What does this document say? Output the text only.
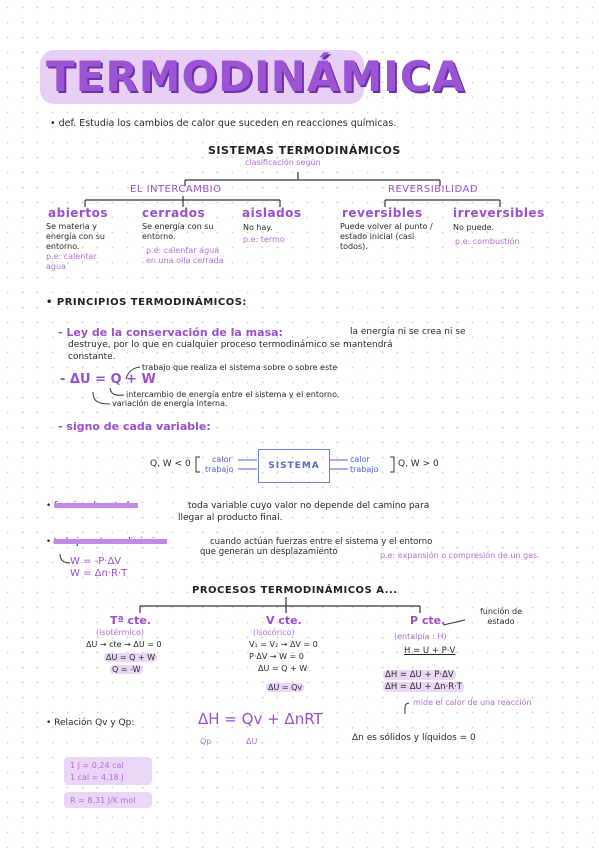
TERMODINÁMICA
• def. Estudia los cambios de calor que suceden en reacciones químicas.
SISTEMAS TERMODINÁMICOS
clasificación según
EL INTERCAMBIO	REVERSIBILIDAD
abiertos
Se materia y energía con su entorno.
p.e: calentar agua
cerrados
Se energía con su entorno.
p.e: calentar agua en una olla cerrada
aislados
No hay.
p.e: termo
reversibles
Puede volver al punto / estado inicial (casi todos).
irreversibles
No puede.
p.e: combustión
• PRINCIPIOS TERMODINÁMICOS:
- Ley de la conservación de la masa:	la energía ni se crea ni se
destruye, por lo que en cualquier proceso termodinámico se mantendrá
constante.
trabajo que realiza el sistema sobre o sobre este
- ΔU = Q + W
intercambio de energía entre el sistema y el entorno.
variación de energía interna.
- signo de cada variable:
Q, W < 0	calor
trabajo	SISTEMA
calor
trabajo
Q, W > 0
• funcion de estado:	toda variable cuyo valor no depende del camino para
llegar al producto final.
• trabajo en termodinámica:	cuando actúan fuerzas entre el sistema y el entorno
que generan un desplazamiento	p.e: expansión o compresión de un gas.
W = -P·ΔV
W = Δn·R·T
PROCESOS TERMODINÁMICOS A...
Tª cte.
(isotérmico)
ΔU → cte → ΔU = 0
ΔU = Q + W
Q = -W
V cte.
(isocórico)
V₁ = V₂ → ΔV = 0
P·ΔV → W = 0
ΔU = Q + W
ΔU = Qv
P cte.
función de estado
(entalpía : H)
H = U + P·V
ΔH = ΔU + P·ΔV
ΔH = ΔU + Δn·R·T
mide el calor de una reacción
• Relación Qv y Qp:	ΔH = Qv + ΔnRT
Qp	ΔU	Δn es sólidos y líquidos = 0
1 J = 0,24 cal
1 cal = 4,18 J
R = 8,31 J/K mol
